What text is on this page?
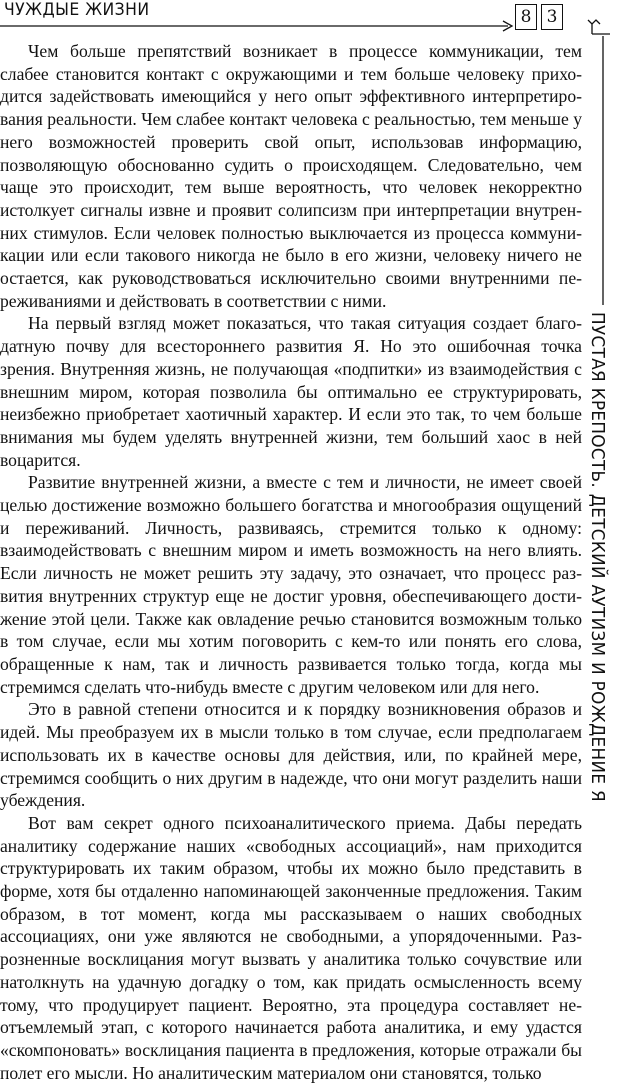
ЧУЖДЫЕ ЖИЗНИ	8 3
ПУСТАЯ КРЕПОСТЬ. ДЕТСКИЙ АУТИЗМ И РОЖДЕНИЕ Я

Чем больше препятствий возникает в процессе коммуникации, тем слабее становится контакт с окружающими и тем больше человеку приходится задействовать имеющийся у него опыт эффективного интерпретирования реальности. Чем слабее контакт человека с реальностью, тем меньше у него возможностей проверить свой опыт, использовав информацию, позволяющую обоснованно судить о происходящем. Следовательно, чем чаще это происходит, тем выше вероятность, что человек некорректно истолкует сигналы извне и проявит солипсизм при интерпретации внутренних стимулов. Если человек полностью выключается из процесса коммуникации или если такового никогда не было в его жизни, человеку ничего не остается, как руководствоваться исключительно своими внутренними переживаниями и действовать в соответствии с ними.

На первый взгляд может показаться, что такая ситуация создает благодатную почву для всестороннего развития Я. Но это ошибочная точка зрения. Внутренняя жизнь, не получающая «подпитки» из взаимодействия с внешним миром, которая позволила бы оптимально ее структурировать, неизбежно приобретает хаотичный характер. И если это так, то чем больше внимания мы будем уделять внутренней жизни, тем больший хаос в ней воцарится.

Развитие внутренней жизни, а вместе с тем и личности, не имеет своей целью достижение возможно большего богатства и многообразия ощущений и переживаний. Личность, развиваясь, стремится только к одному: взаимодействовать с внешним миром и иметь возможность на него влиять. Если личность не может решить эту задачу, это означает, что процесс развития внутренних структур еще не достиг уровня, обеспечивающего достижение этой цели. Также как овладение речью становится возможным только в том случае, если мы хотим поговорить с кем-то или понять его слова, обращенные к нам, так и личность развивается только тогда, когда мы стремимся сделать что-нибудь вместе с другим человеком или для него.

Это в равной степени относится и к порядку возникновения образов и идей. Мы преобразуем их в мысли только в том случае, если предполагаем использовать их в качестве основы для действия, или, по крайней мере, стремимся сообщить о них другим в надежде, что они могут разделить наши убеждения.

Вот вам секрет одного психоаналитического приема. Дабы передать аналитику содержание наших «свободных ассоциаций», нам приходится структурировать их таким образом, чтобы их можно было представить в форме, хотя бы отдаленно напоминающей законченные предложения. Таким образом, в тот момент, когда мы рассказываем о наших свободных ассоциациях, они уже являются не свободными, а упорядоченными. Разрозненные восклицания могут вызвать у аналитика только сочувствие или натолкнуть на удачную догадку о том, как придать осмысленность всему тому, что продуцирует пациент. Вероятно, эта процедура составляет неотъемлемый этап, с которого начинается работа аналитика, и ему удастся «скомпоновать» восклицания пациента в предложения, которые отражали бы полет его мысли. Но аналитическим материалом они становятся, только
